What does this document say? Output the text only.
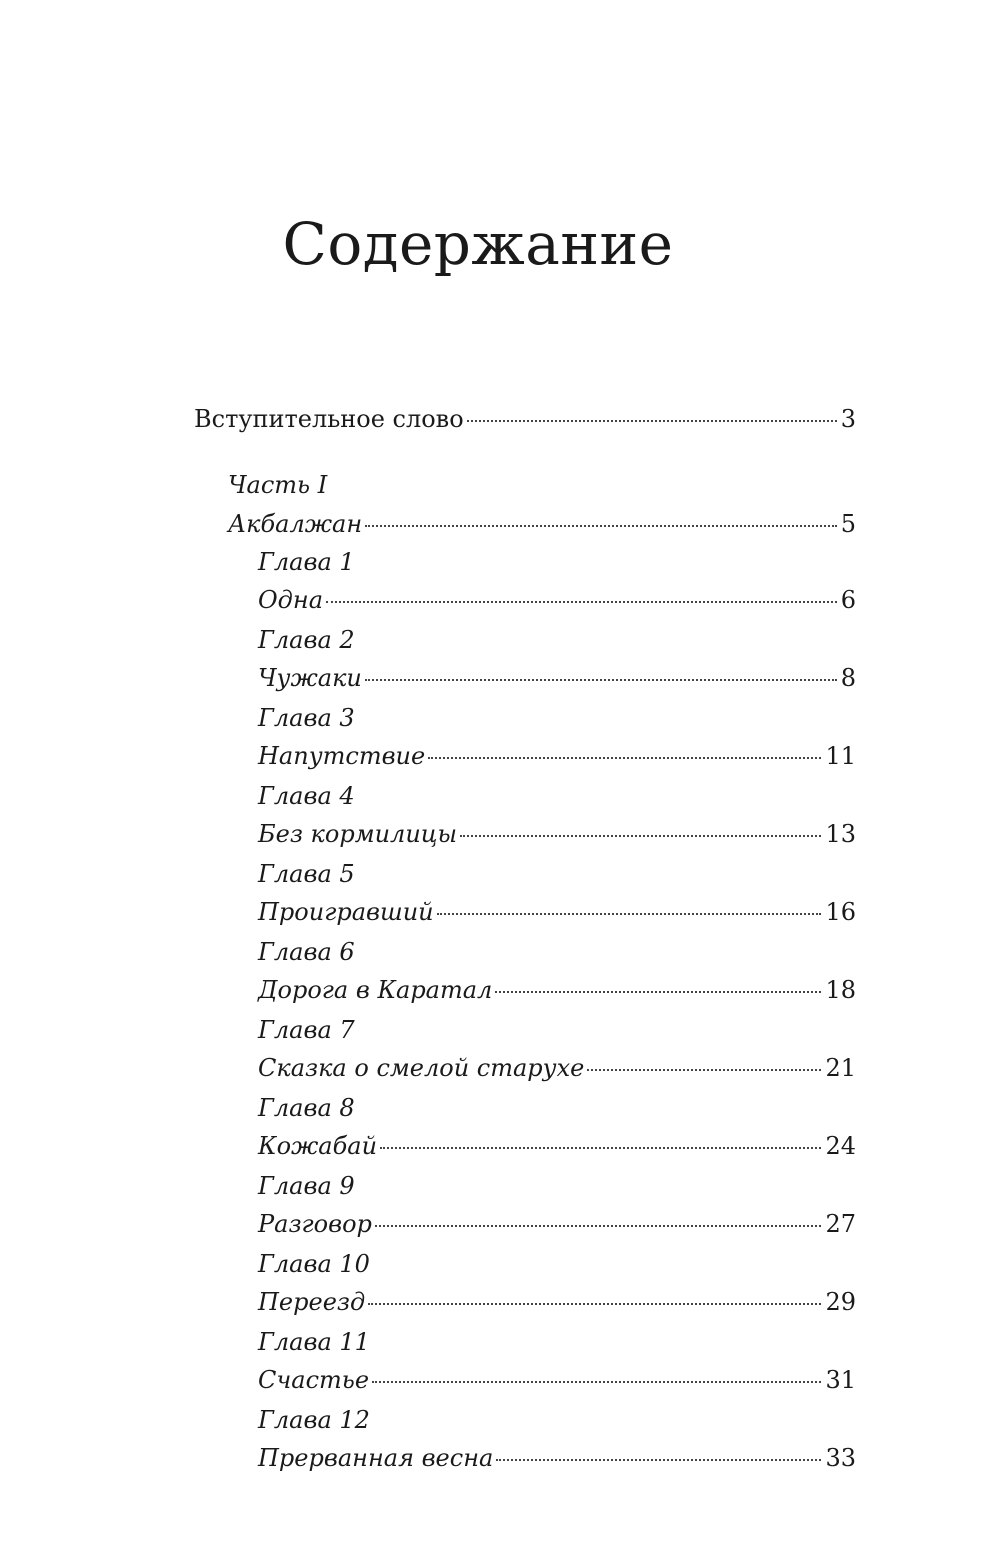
Содержание
Вступительное слово	3
Часть I
Акбалжан	5
Глава 1
Одна	6
Глава 2
Чужаки	8
Глава 3
Напутствие	11
Глава 4
Без кормилицы	13
Глава 5
Проигравший	16
Глава 6
Дорога в Каратал	18
Глава 7
Сказка о смелой старухе	21
Глава 8
Кожабай	24
Глава 9
Разговор	27
Глава 10
Переезд	29
Глава 11
Счастье	31
Глава 12
Прерванная весна	33
